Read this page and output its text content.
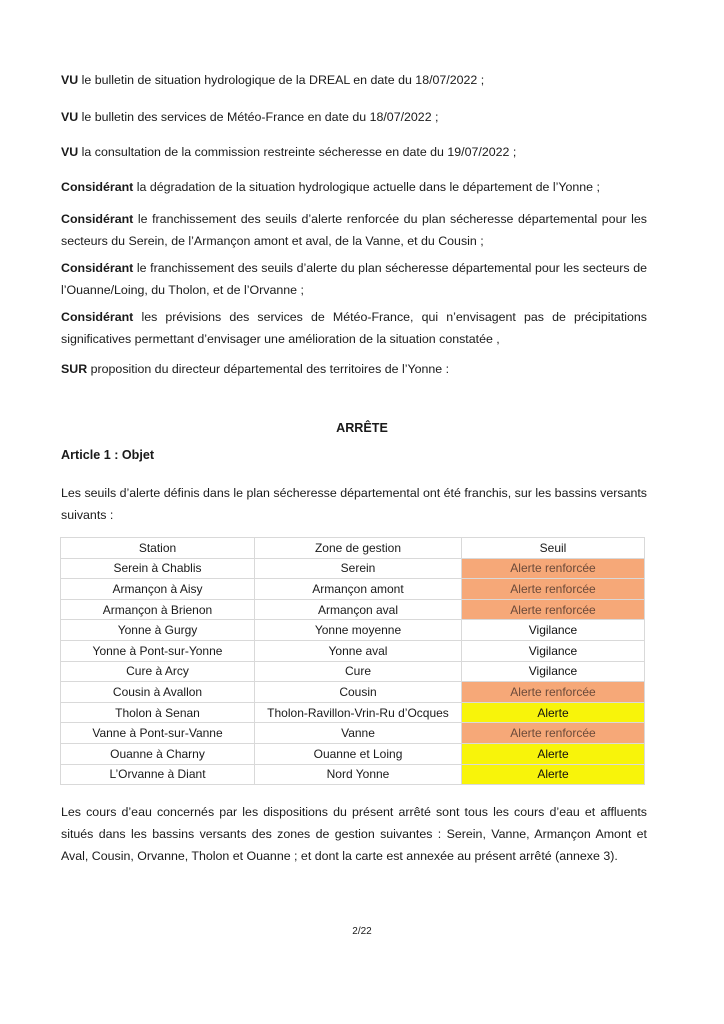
VU le bulletin de situation hydrologique de la DREAL en date du 18/07/2022 ;

VU le bulletin des services de Météo-France en date du 18/07/2022 ;

VU la consultation de la commission restreinte sécheresse en date du 19/07/2022 ;

Considérant la dégradation de la situation hydrologique actuelle dans le département de l’Yonne ;

Considérant le franchissement des seuils d’alerte renforcée du plan sécheresse départemental pour les secteurs du Serein, de l’Armançon amont et aval, de la Vanne, et du Cousin ;

Considérant le franchissement des seuils d’alerte du plan sécheresse départemental pour les secteurs de l’Ouanne/Loing, du Tholon, et de l’Orvanne ;

Considérant les prévisions des services de Météo-France, qui n’envisagent pas de précipitations significatives permettant d’envisager une amélioration de la situation constatée ,

SUR proposition du directeur départemental des territoires de l’Yonne :

ARRÊTE
Article 1 : Objet

Les seuils d’alerte définis dans le plan sécheresse départemental ont été franchis, sur les bassins versants suivants :

Station	Zone de gestion	Seuil
Serein à Chablis	Serein	Alerte renforcée
Armançon à Aisy	Armançon amont	Alerte renforcée
Armançon à Brienon	Armançon aval	Alerte renforcée
Yonne à Gurgy	Yonne moyenne	Vigilance
Yonne à Pont-sur-Yonne	Yonne aval	Vigilance
Cure à Arcy	Cure	Vigilance
Cousin à Avallon	Cousin	Alerte renforcée
Tholon à Senan	Tholon-Ravillon-Vrin-Ru d’Ocques	Alerte
Vanne à Pont-sur-Vanne	Vanne	Alerte renforcée
Ouanne à Charny	Ouanne et Loing	Alerte
L’Orvanne à Diant	Nord Yonne	Alerte

Les cours d’eau concernés par les dispositions du présent arrêté sont tous les cours d’eau et affluents situés dans les bassins versants des zones de gestion suivantes : Serein, Vanne, Armançon Amont et Aval, Cousin, Orvanne, Tholon et Ouanne ; et dont la carte est annexée au présent arrêté (annexe 3).

2/22
